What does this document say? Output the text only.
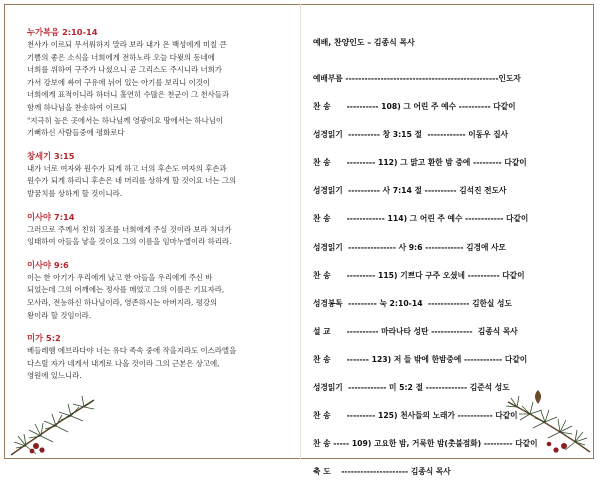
누가복음 2:10-14
천사가 이르되 무서워하지 말라 보라 내가 온 백성에게 미칠 큰
기쁨의 좋은 소식을 너희에게 전하노라 오늘 다윗의 동네에
너희를 위하여 구주가 나셨으니 곧 그리스도 주시니라 너희가
가서 강보에 싸여 구유에 뉘어 있는 아기를 보리니 이것이
너희에게 표적이니라 하더니 홀연히 수많은 천군이 그 천사들과
함께 하나님을 찬송하여 이르되
"지극히 높은 곳에서는 하나님께 영광이요 땅에서는 하나님이
기뻐하신 사람들중에 평화로다
창세기 3:15
내가 너로 여자와 원수가 되게 하고 너의 후손도 여자의 후손과
원수가 되게 하리니 후손은 네 머리를 상하게 할 것이요 너는 그의
발꿈치를 상하게 할 것이니라.
이사야 7:14
그러므로 주께서 친히 징조를 너희에게 주실 것이라 보라 처녀가
잉태하여 아들을 낳을 것이요 그의 이름을 임마누엘이라 하리라.
이사야 9:6
이는 한 아기가 우리에게 났고 한 아들을 우리에게 주신 바
되었는데 그의 어깨에는 정사를 메었고 그의 이름은 기묘자라,
모사라, 전능하신 하나님이라, 영존하시는 아버지라, 평강의
왕이라 할 것임이라.
미가 5:2
베들레헴 에브라다야 너는 유다 족속 중에 작을지라도 이스라엘을
다스릴 자가 네게서 내게로 나올 것이라 그의 근본은 상고에,
영원에 있느니라.
예배, 찬양인도 – 김종식 목사
예배부름 ------------------------------------------------인도자
찬 송      ---------- 108) 그 어린 주 예수 ---------- 다같이
성경읽기  ---------- 창 3:15 절  ------------ 이동우 집사
찬 송      --------- 112) 그 맑고 환한 밤 중에 --------- 다같이
성경읽기  ---------- 사 7:14 절 ---------- 김석진 전도사
찬 송      ------------ 114) 그 어린 주 예수 ------------ 다같이
성경읽기  --------------- 사 9:6 ------------ 김경애 사모
찬 송      --------- 115) 기쁘다 구주 오셨네 ---------- 다같이
성경봉독  --------- 눅 2:10-14  ------------- 김한실 성도
설 교      ---------- 마라나타 성탄 -------------  김종식 목사
찬 송      ------- 123) 저 들 밖에 한밤중에 ------------ 다같이
성경읽기  ------------ 미 5:2 절 ------------- 김준석 성도
찬 송      --------- 125) 천사들의 노래가 ----------- 다같이
찬 송 ----- 109) 고요한 밤, 거룩한 밤(촛불점화) --------- 다같이
축 도    --------------------- 김종식 목사
